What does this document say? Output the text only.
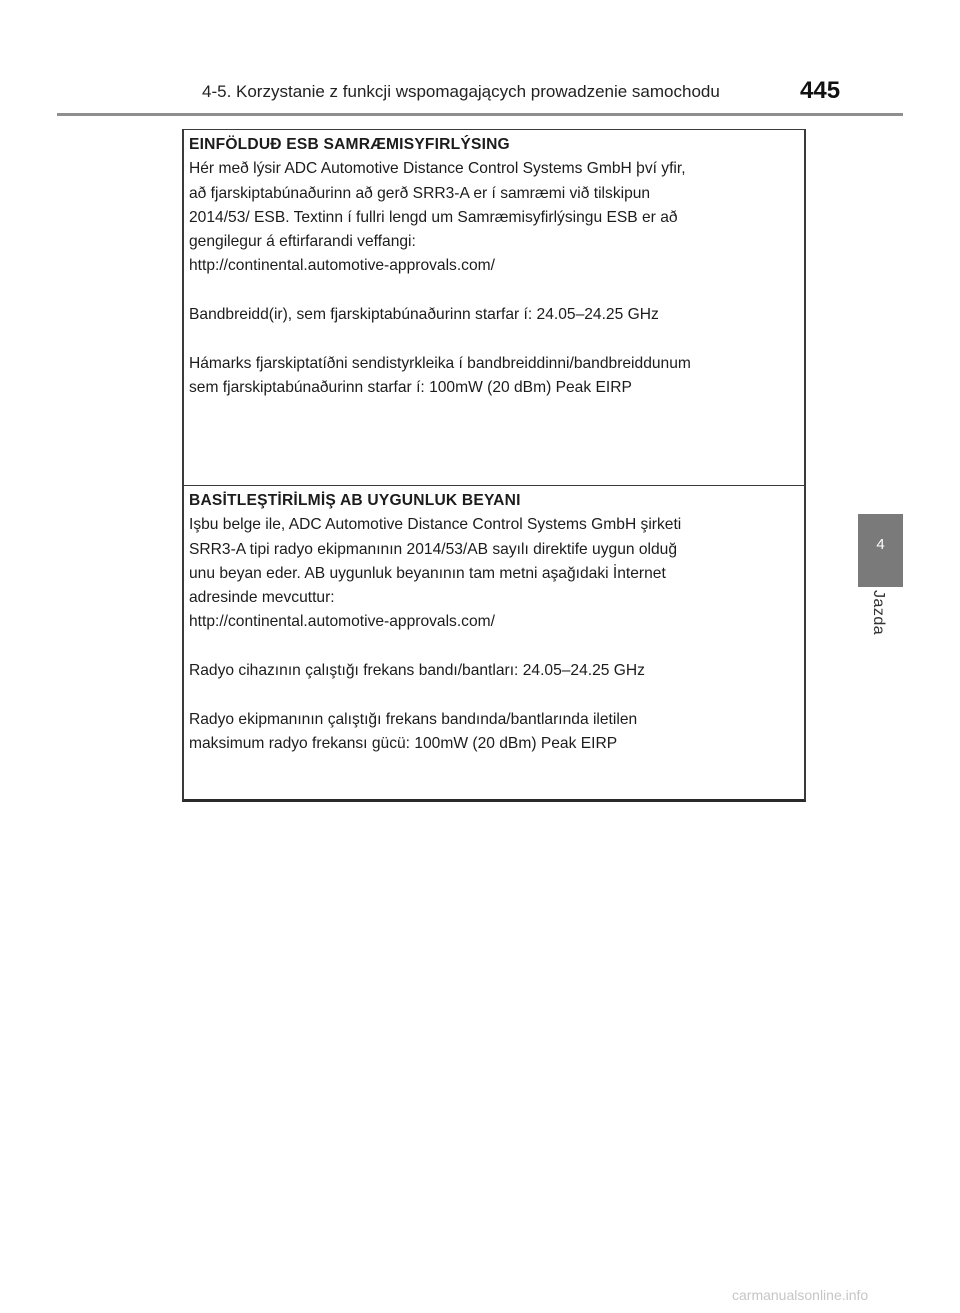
4-5. Korzystanie z funkcji wspomagających prowadzenie samochodu	445
4
Jazda

EINFÖLDUÐ ESB SAMRÆMISYFIRLÝSING

Hér með lýsir ADC Automotive Distance Control Systems GmbH því yfir,

að fjarskiptabúnaðurinn að gerð SRR3-A er í samræmi við tilskipun

2014/53/ ESB. Textinn í fullri lengd um Samræmisyfirlýsingu ESB er að

gengilegur á eftirfarandi veffangi:

http://continental.automotive-approvals.com/

Bandbreidd(ir), sem fjarskiptabúnaðurinn starfar í: 24.05–24.25 GHz

Hámarks fjarskiptatíðni sendistyrkleika í bandbreiddinni/bandbreiddunum

sem fjarskiptabúnaðurinn starfar í: 100mW (20 dBm) Peak EIRP

BASİTLEŞTİRİLMİŞ AB UYGUNLUK BEYANI

Işbu belge ile, ADC Automotive Distance Control Systems GmbH şirketi

SRR3-A tipi radyo ekipmanının 2014/53/AB sayılı direktife uygun olduğ

unu beyan eder. AB uygunluk beyanının tam metni aşağıdaki İnternet

adresinde mevcuttur:

http://continental.automotive-approvals.com/

Radyo cihazının çalıştığı frekans bandı/bantları: 24.05–24.25 GHz

Radyo ekipmanının çalıştığı frekans bandında/bantlarında iletilen

maksimum radyo frekansı gücü: 100mW (20 dBm) Peak EIRP

carmanualsonline.info
